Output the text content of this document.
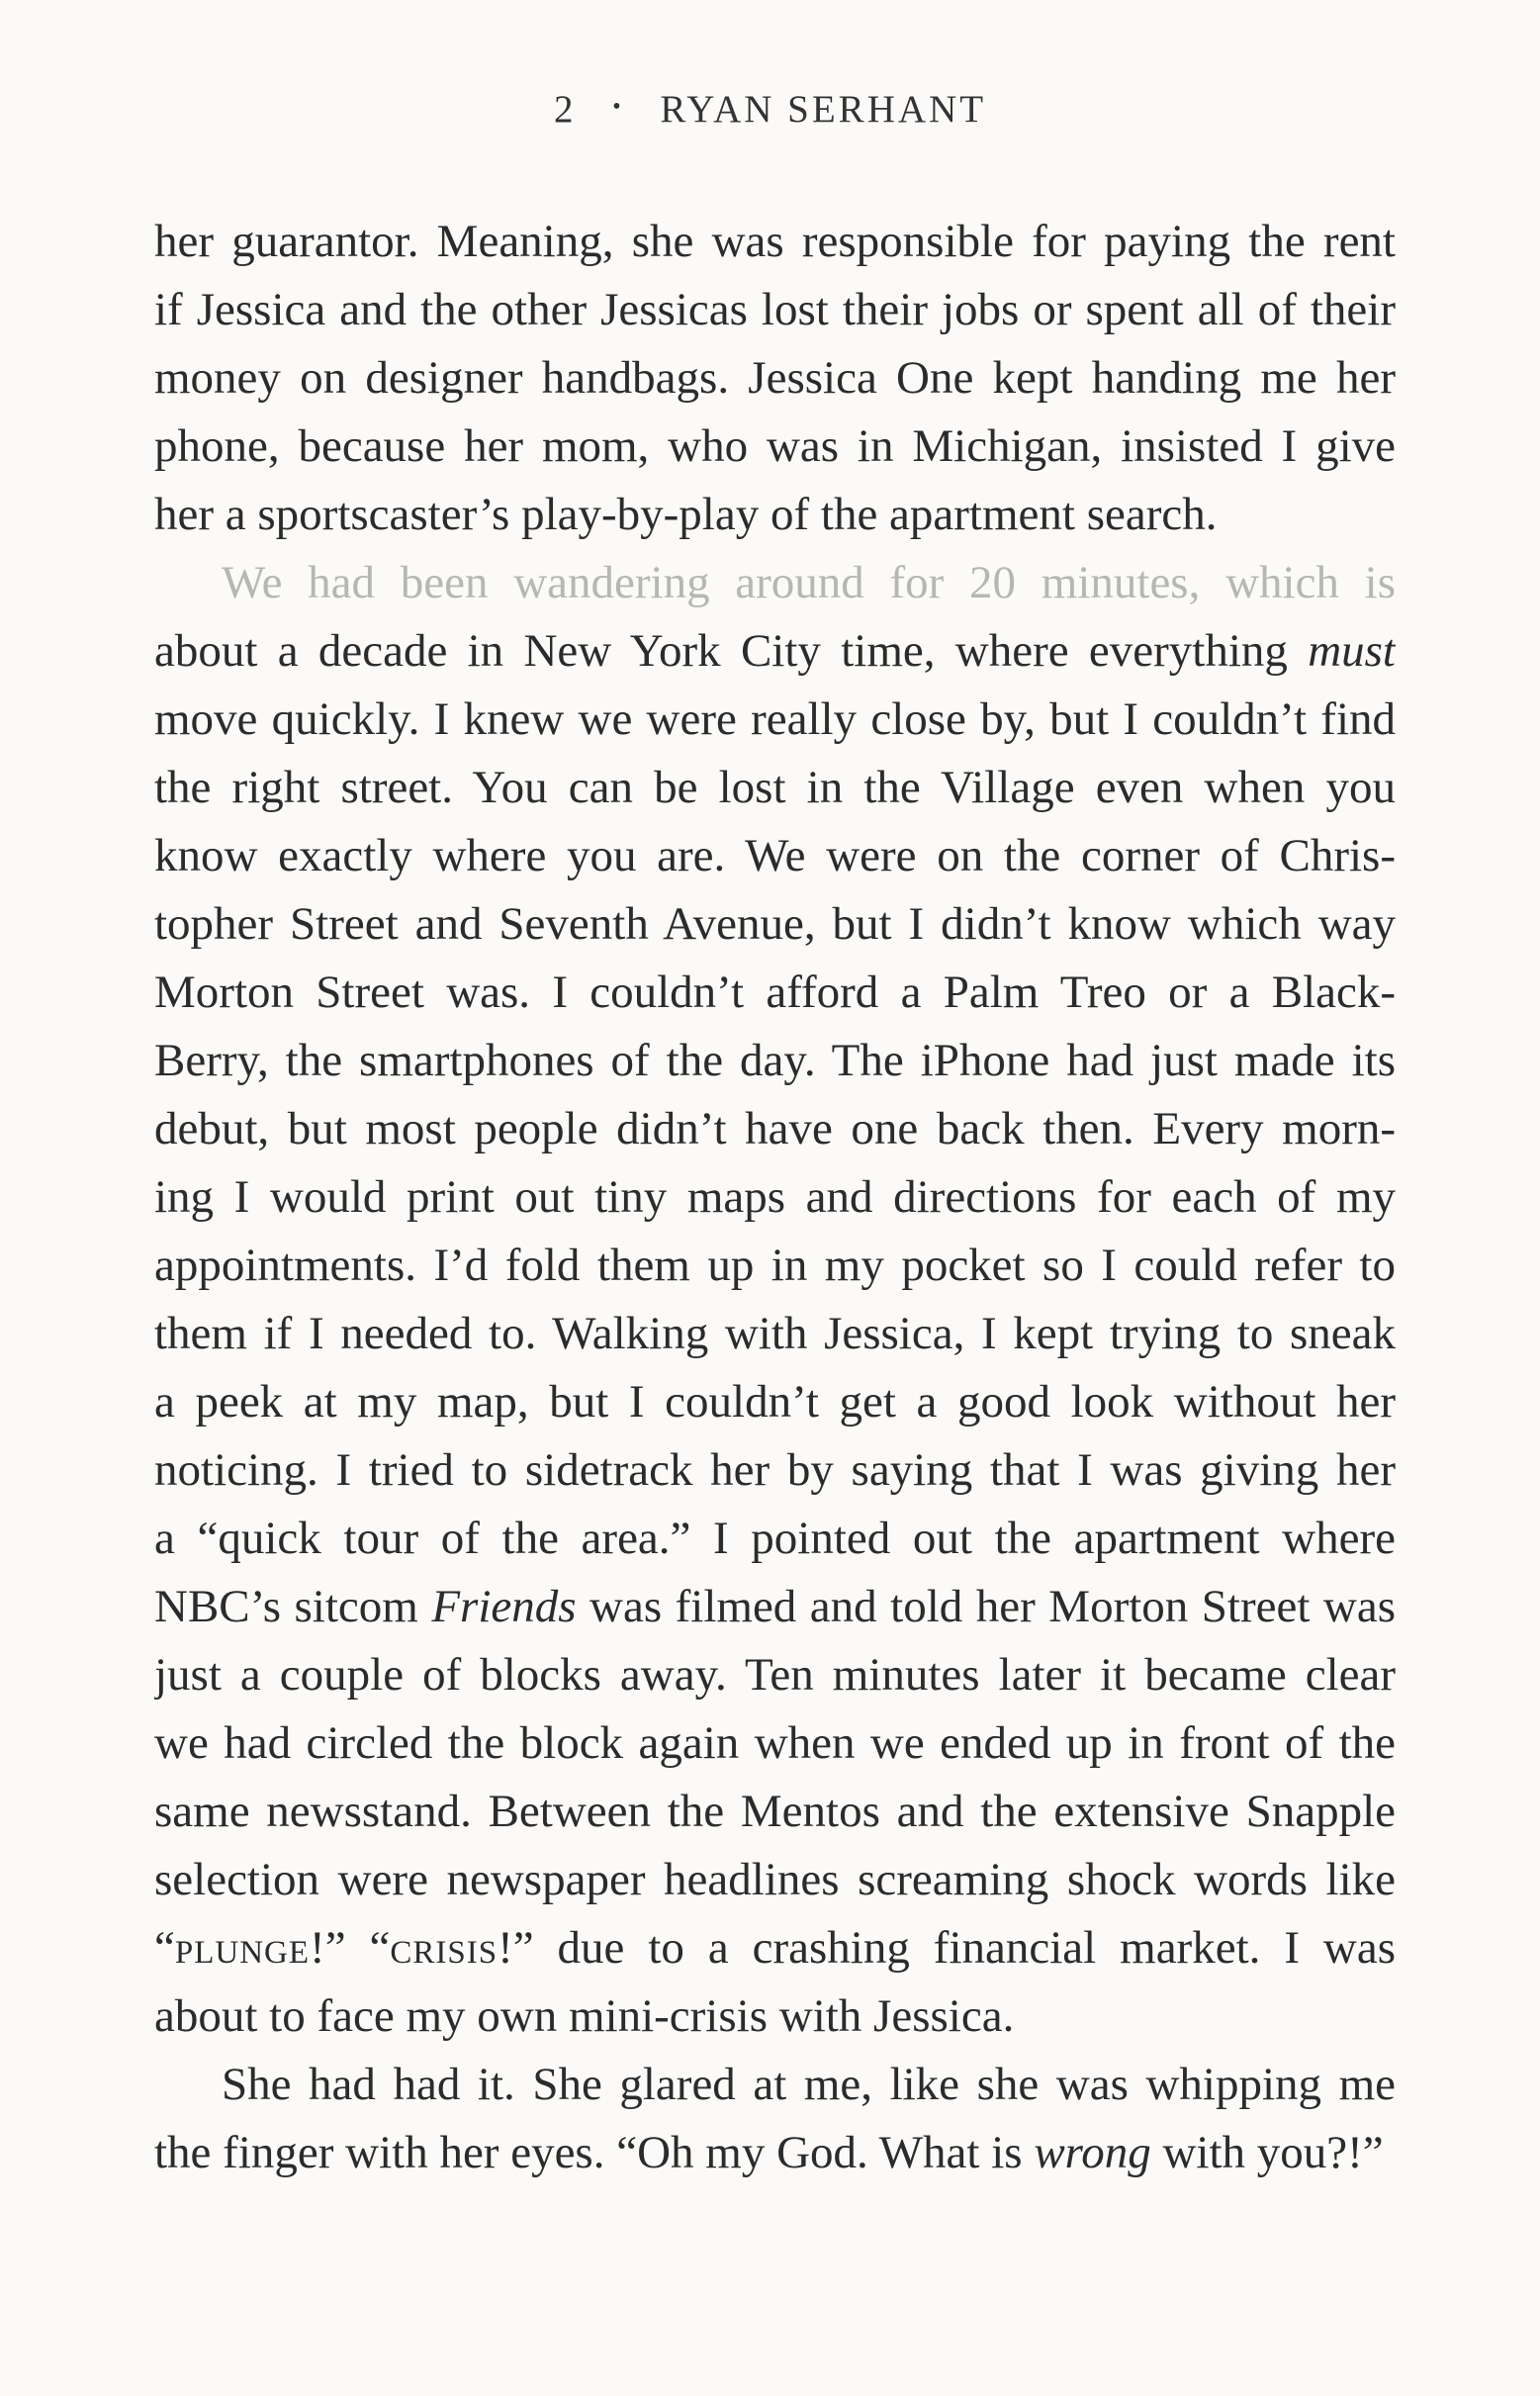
2 • RYAN SERHANT
her guarantor. Meaning, she was responsible for paying the rent
if Jessica and the other Jessicas lost their jobs or spent all of their
money on designer handbags. Jessica One kept handing me her
phone, because her mom, who was in Michigan, insisted I give
her a sportscaster’s play-by-play of the apartment search.
We had been wandering around for 20 minutes, which is
about a decade in New York City time, where everything must
move quickly. I knew we were really close by, but I couldn’t find
the right street. You can be lost in the Village even when you
know exactly where you are. We were on the corner of Chris-
topher Street and Seventh Avenue, but I didn’t know which way
Morton Street was. I couldn’t afford a Palm Treo or a Black-
Berry, the smartphones of the day. The iPhone had just made its
debut, but most people didn’t have one back then. Every morn-
ing I would print out tiny maps and directions for each of my
appointments. I’d fold them up in my pocket so I could refer to
them if I needed to. Walking with Jessica, I kept trying to sneak
a peek at my map, but I couldn’t get a good look without her
noticing. I tried to sidetrack her by saying that I was giving her
a “quick tour of the area.” I pointed out the apartment where
NBC’s sitcom Friends was filmed and told her Morton Street was
just a couple of blocks away. Ten minutes later it became clear
we had circled the block again when we ended up in front of the
same newsstand. Between the Mentos and the extensive Snapple
selection were newspaper headlines screaming shock words like
“plunge!” “crisis!” due to a crashing financial market. I was
about to face my own mini-crisis with Jessica.
She had had it. She glared at me, like she was whipping me
the finger with her eyes. “Oh my God. What is wrong with you?!”
